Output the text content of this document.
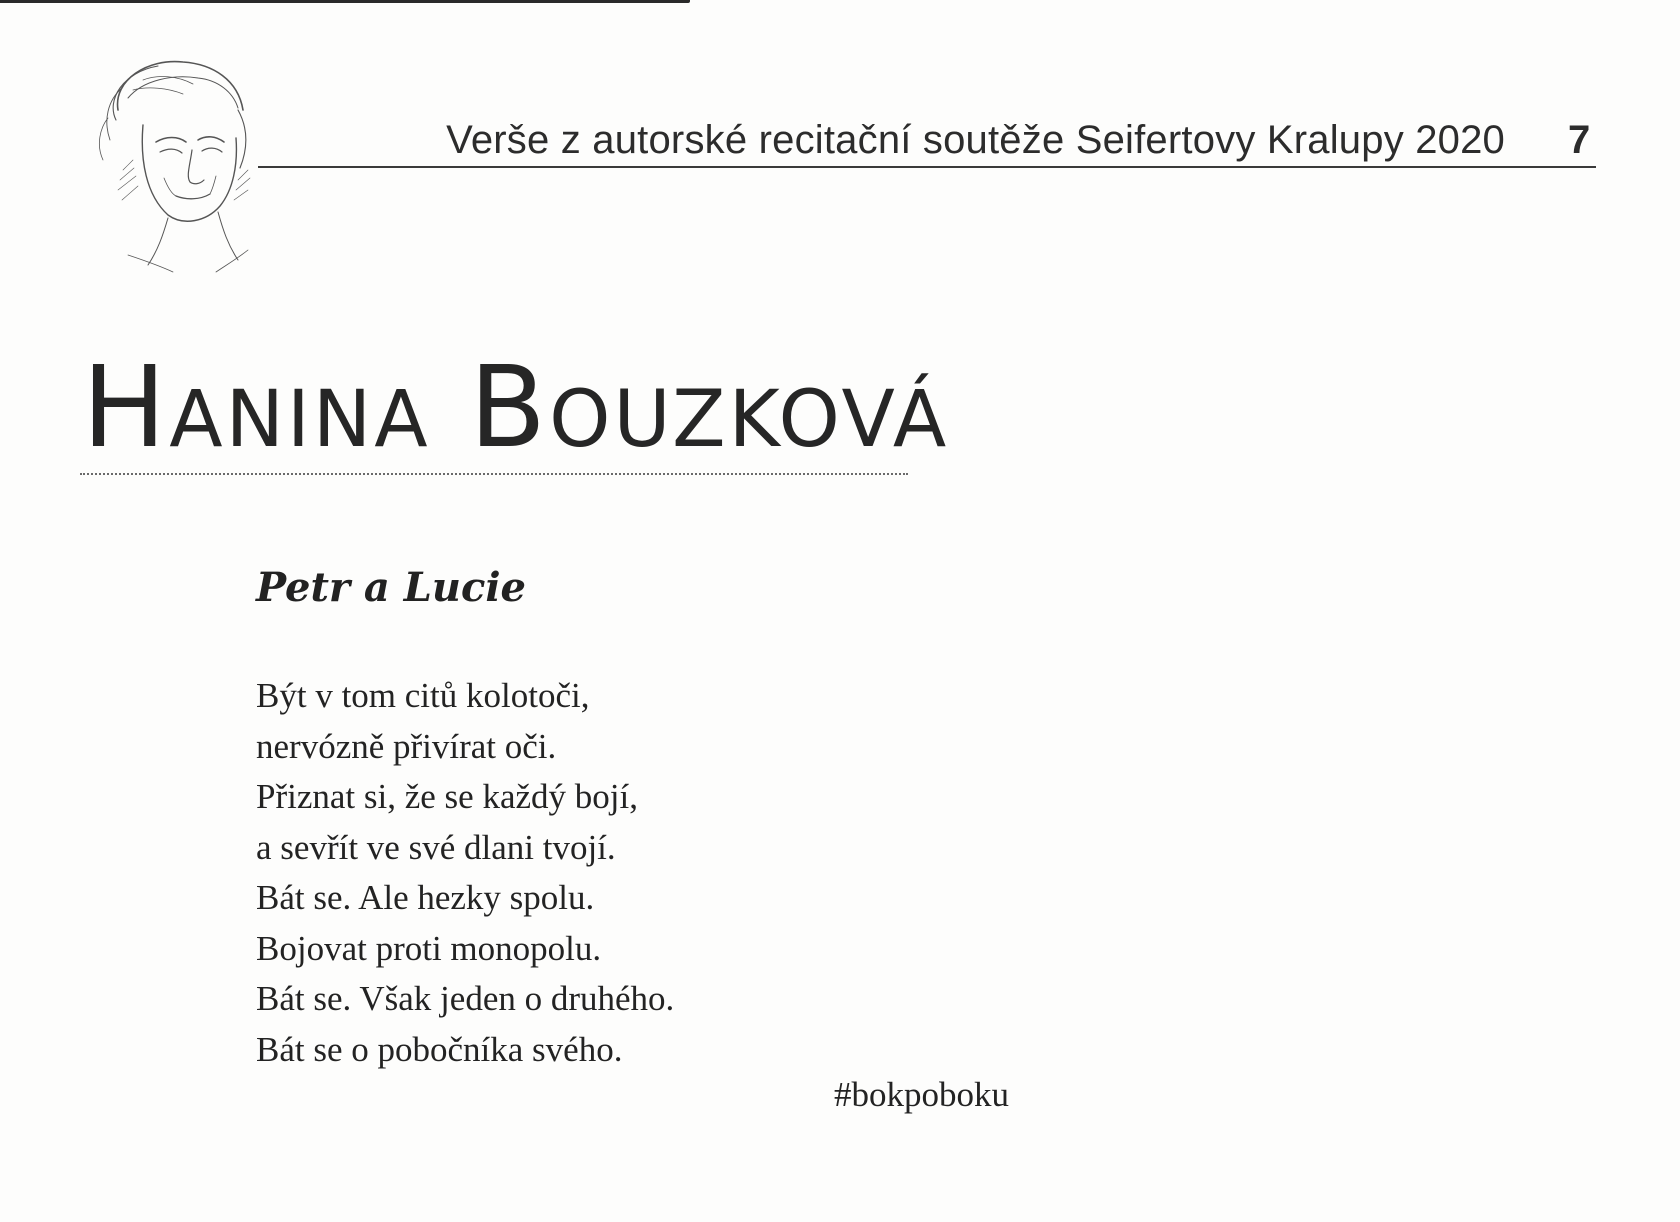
Verše z autorské recitační soutěže Seifertovy Kralupy 2020 7
Hanina Bouzková
Petr a Lucie
Být v tom citů kolotoči,
nervózně přivírat oči.
Přiznat si, že se každý bojí,
a sevřít ve své dlani tvojí.
Bát se. Ale hezky spolu.
Bojovat proti monopolu.
Bát se. Však jeden o druhého.
Bát se o pobočníka svého.
#bokpoboku
